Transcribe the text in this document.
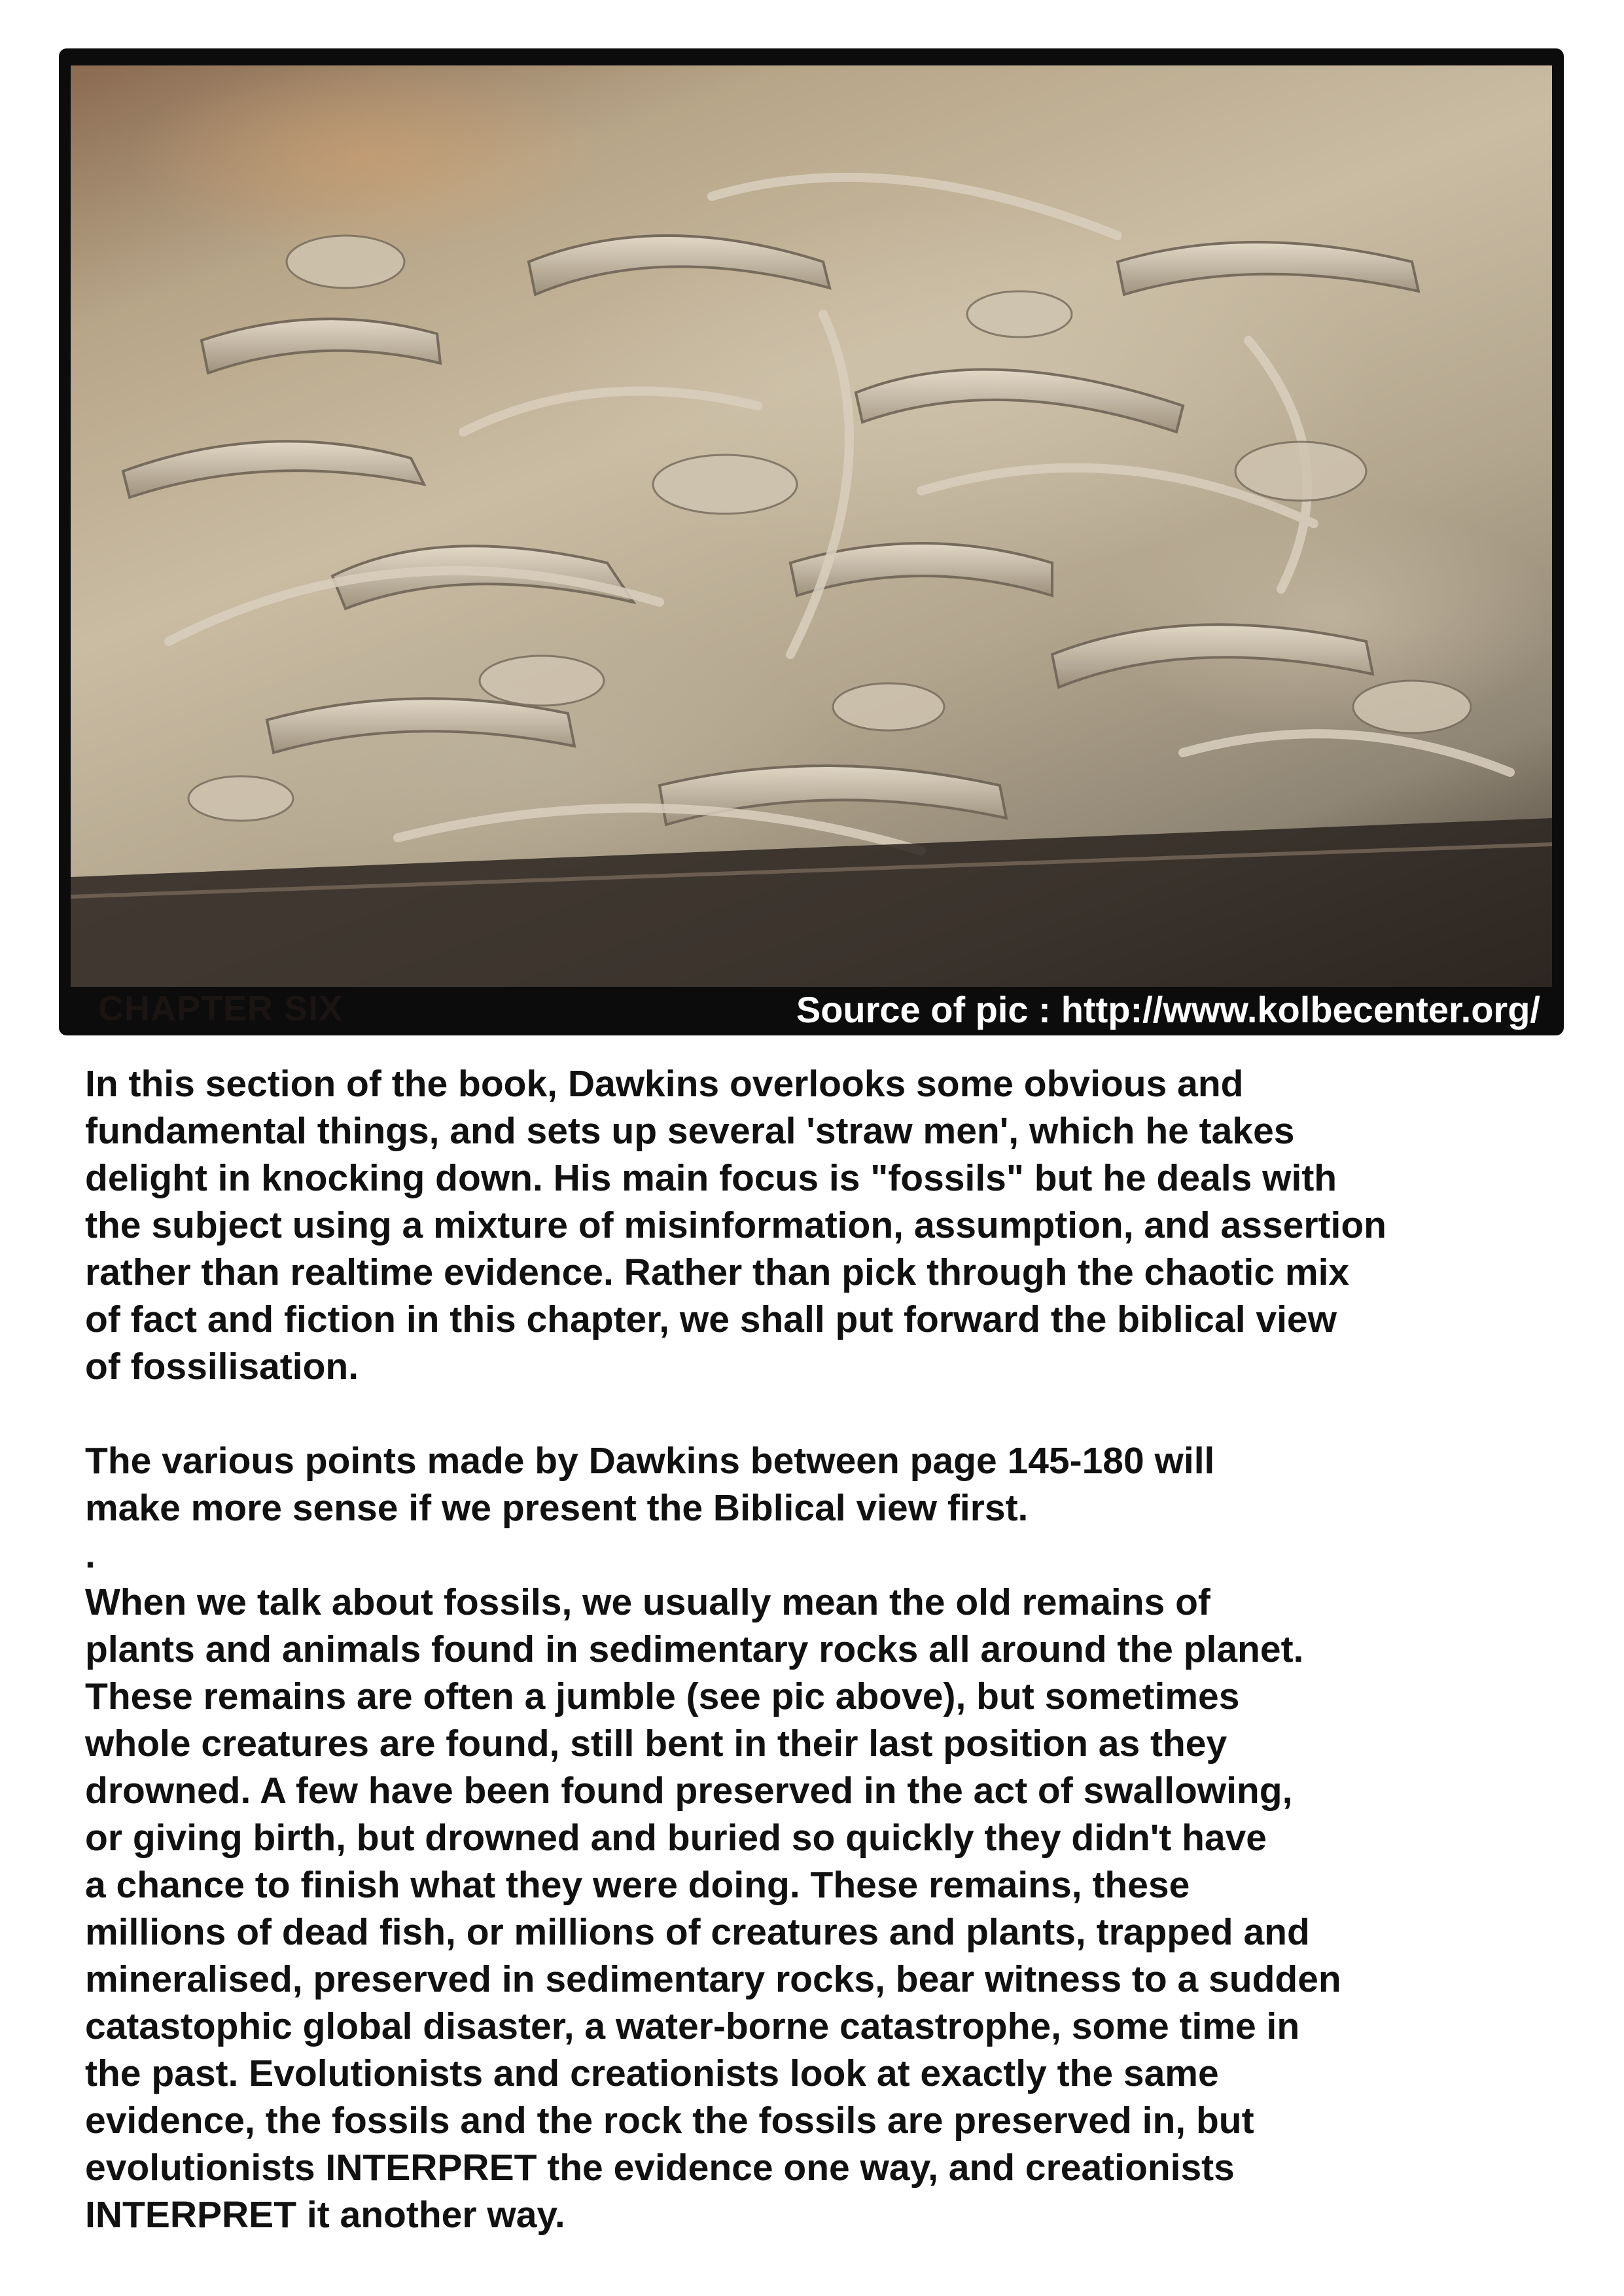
CHAPTER SIX	Source of pic : http://www.kolbecenter.org/

In this section of the book, Dawkins overlooks some obvious and
fundamental things, and sets up several 'straw men', which he takes
delight in knocking down. His main focus is "fossils" but he deals with
the subject using a mixture of misinformation, assumption, and assertion
rather than realtime evidence. Rather than pick through the chaotic mix
of fact and fiction in this chapter, we shall put forward the biblical view
of fossilisation.

The various points made by Dawkins between page 145-180 will
make more sense if we present the Biblical view first.

.

When we talk about fossils, we usually mean the old remains of
plants and animals found in sedimentary rocks all around the planet.
These remains are often a jumble (see pic above), but sometimes
whole creatures are found, still bent in their last position as they
drowned. A few have been found preserved in the act of swallowing,
or giving birth, but drowned and buried so quickly they didn't have
a chance to finish what they were doing. These remains, these
millions of dead fish, or millions of creatures and plants, trapped and
mineralised, preserved in sedimentary rocks, bear witness to a sudden
catastophic global disaster, a water-borne catastrophe, some time in
the past. Evolutionists and creationists look at exactly the same
evidence, the fossils and the rock the fossils are preserved in, but
evolutionists INTERPRET the evidence one way, and creationists
INTERPRET it another way.
